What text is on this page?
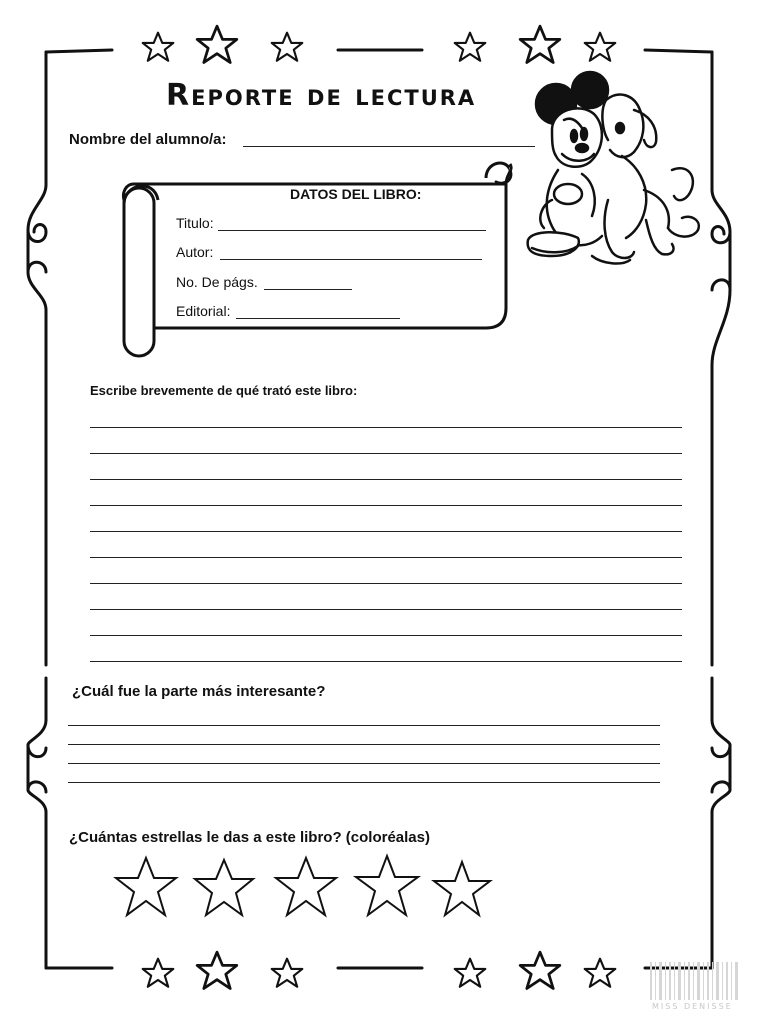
Reporte de lectura
Nombre del alumno/a:
DATOS DEL LIBRO:
Titulo:
Autor:
No. De págs.
Editorial:
Escribe brevemente de qué trató este libro:
¿Cuál fue la parte más interesante?
¿Cuántas estrellas le das a este libro? (coloréalas)
MISS DENISSE
